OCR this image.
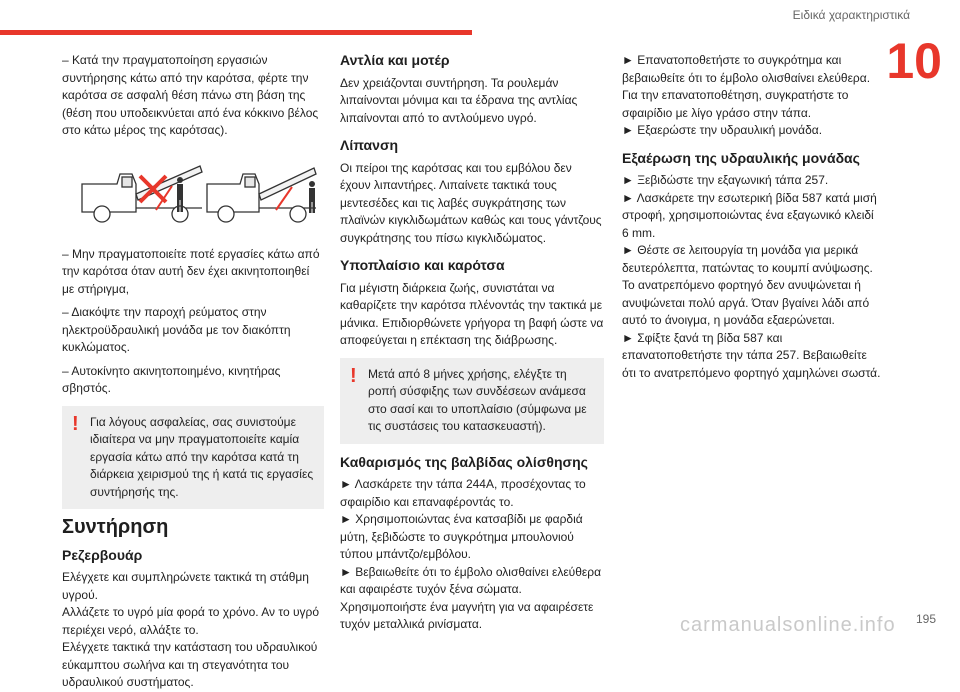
Ειδικά χαρακτηριστικά
10

– Κατά την πραγματοποίηση εργασιών συντήρησης κάτω από την καρότσα, φέρτε την καρότσα σε ασφαλή θέση πάνω στη βάση της (θέση που υποδεικνύεται από ένα κόκκινο βέλος στο κάτω μέρος της καρότσας).

– Μην πραγματοποιείτε ποτέ εργασίες κάτω από την καρότσα όταν αυτή δεν έχει ακινητοποιηθεί με στήριγμα,

– Διακόψτε την παροχή ρεύματος στην ηλεκτροϋδραυλική μονάδα με τον διακόπτη κυκλώματος.

– Αυτοκίνητο ακινητοποιημένο, κινητήρας σβηστός.

! Για λόγους ασφαλείας, σας συνιστούμε ιδιαίτερα να μην πραγματοποιείτε καμία εργασία κάτω από την καρότσα κατά τη διάρκεια χειρισμού της ή κατά τις εργασίες συντήρησής της.
Συντήρηση
Ρεζερβουάρ

Ελέγχετε και συμπληρώνετε τακτικά τη στάθμη υγρού.

Αλλάζετε το υγρό μία φορά το χρόνο. Αν το υγρό περιέχει νερό, αλλάξτε το.

Ελέγχετε τακτικά την κατάσταση του υδραυλικού εύκαμπτου σωλήνα και τη στεγανότητα του υδραυλικού συστήματος.

Αντλία και μοτέρ

Δεν χρειάζονται συντήρηση. Τα ρουλεμάν λιπαίνονται μόνιμα και τα έδρανα της αντλίας λιπαίνονται από το αντλούμενο υγρό.

Λίπανση

Οι πείροι της καρότσας και του εμβόλου δεν έχουν λιπαντήρες. Λιπαίνετε τακτικά τους μεντεσέδες και τις λαβές συγκράτησης των πλαϊνών κιγκλιδωμάτων καθώς και τους γάντζους συγκράτησης του πίσω κιγκλιδώματος.

Υποπλαίσιο και καρότσα

Για μέγιστη διάρκεια ζωής, συνιστάται να καθαρίζετε την καρότσα πλένοντάς την τακτικά με μάνικα. Επιδιορθώνετε γρήγορα τη βαφή ώστε να αποφεύγεται η επέκταση της διάβρωσης.

! Μετά από 8 μήνες χρήσης, ελέγξτε τη ροπή σύσφιξης των συνδέσεων ανάμεσα στο σασί και το υποπλαίσιο (σύμφωνα με τις συστάσεις του κατασκευαστή).
Καθαρισμός της βαλβίδας ολίσθησης

► Λασκάρετε την τάπα 244A, προσέχοντας το σφαιρίδιο και επαναφέροντάς το.

► Χρησιμοποιώντας ένα κατσαβίδι με φαρδιά μύτη, ξεβιδώστε το συγκρότημα μπουλονιού τύπου μπάντζο/εμβόλου.

► Βεβαιωθείτε ότι το έμβολο ολισθαίνει ελεύθερα και αφαιρέστε τυχόν ξένα σώματα. Χρησιμοποιήστε ένα μαγνήτη για να αφαιρέσετε τυχόν μεταλλικά ρινίσματα.

► Επανατοποθετήστε το συγκρότημα και βεβαιωθείτε ότι το έμβολο ολισθαίνει ελεύθερα. Για την επανατοποθέτηση, συγκρατήστε το σφαιρίδιο με λίγο γράσο στην τάπα.

► Εξαερώστε την υδραυλική μονάδα.

Εξαέρωση της υδραυλικής μονάδας

► Ξεβιδώστε την εξαγωνική τάπα 257.

► Λασκάρετε την εσωτερική βίδα 587 κατά μισή στροφή, χρησιμοποιώντας ένα εξαγωνικό κλειδί 6 mm.

► Θέστε σε λειτουργία τη μονάδα για μερικά δευτερόλεπτα, πατώντας το κουμπί ανύψωσης.

Το ανατρεπόμενο φορτηγό δεν ανυψώνεται ή ανυψώνεται πολύ αργά. Όταν βγαίνει λάδι από αυτό το άνοιγμα, η μονάδα εξαερώνεται.

► Σφίξτε ξανά τη βίδα 587 και επανατοποθετήστε την τάπα 257. Βεβαιωθείτε ότι το ανατρεπόμενο φορτηγό χαμηλώνει σωστά.

195
carmanualsonline.info
